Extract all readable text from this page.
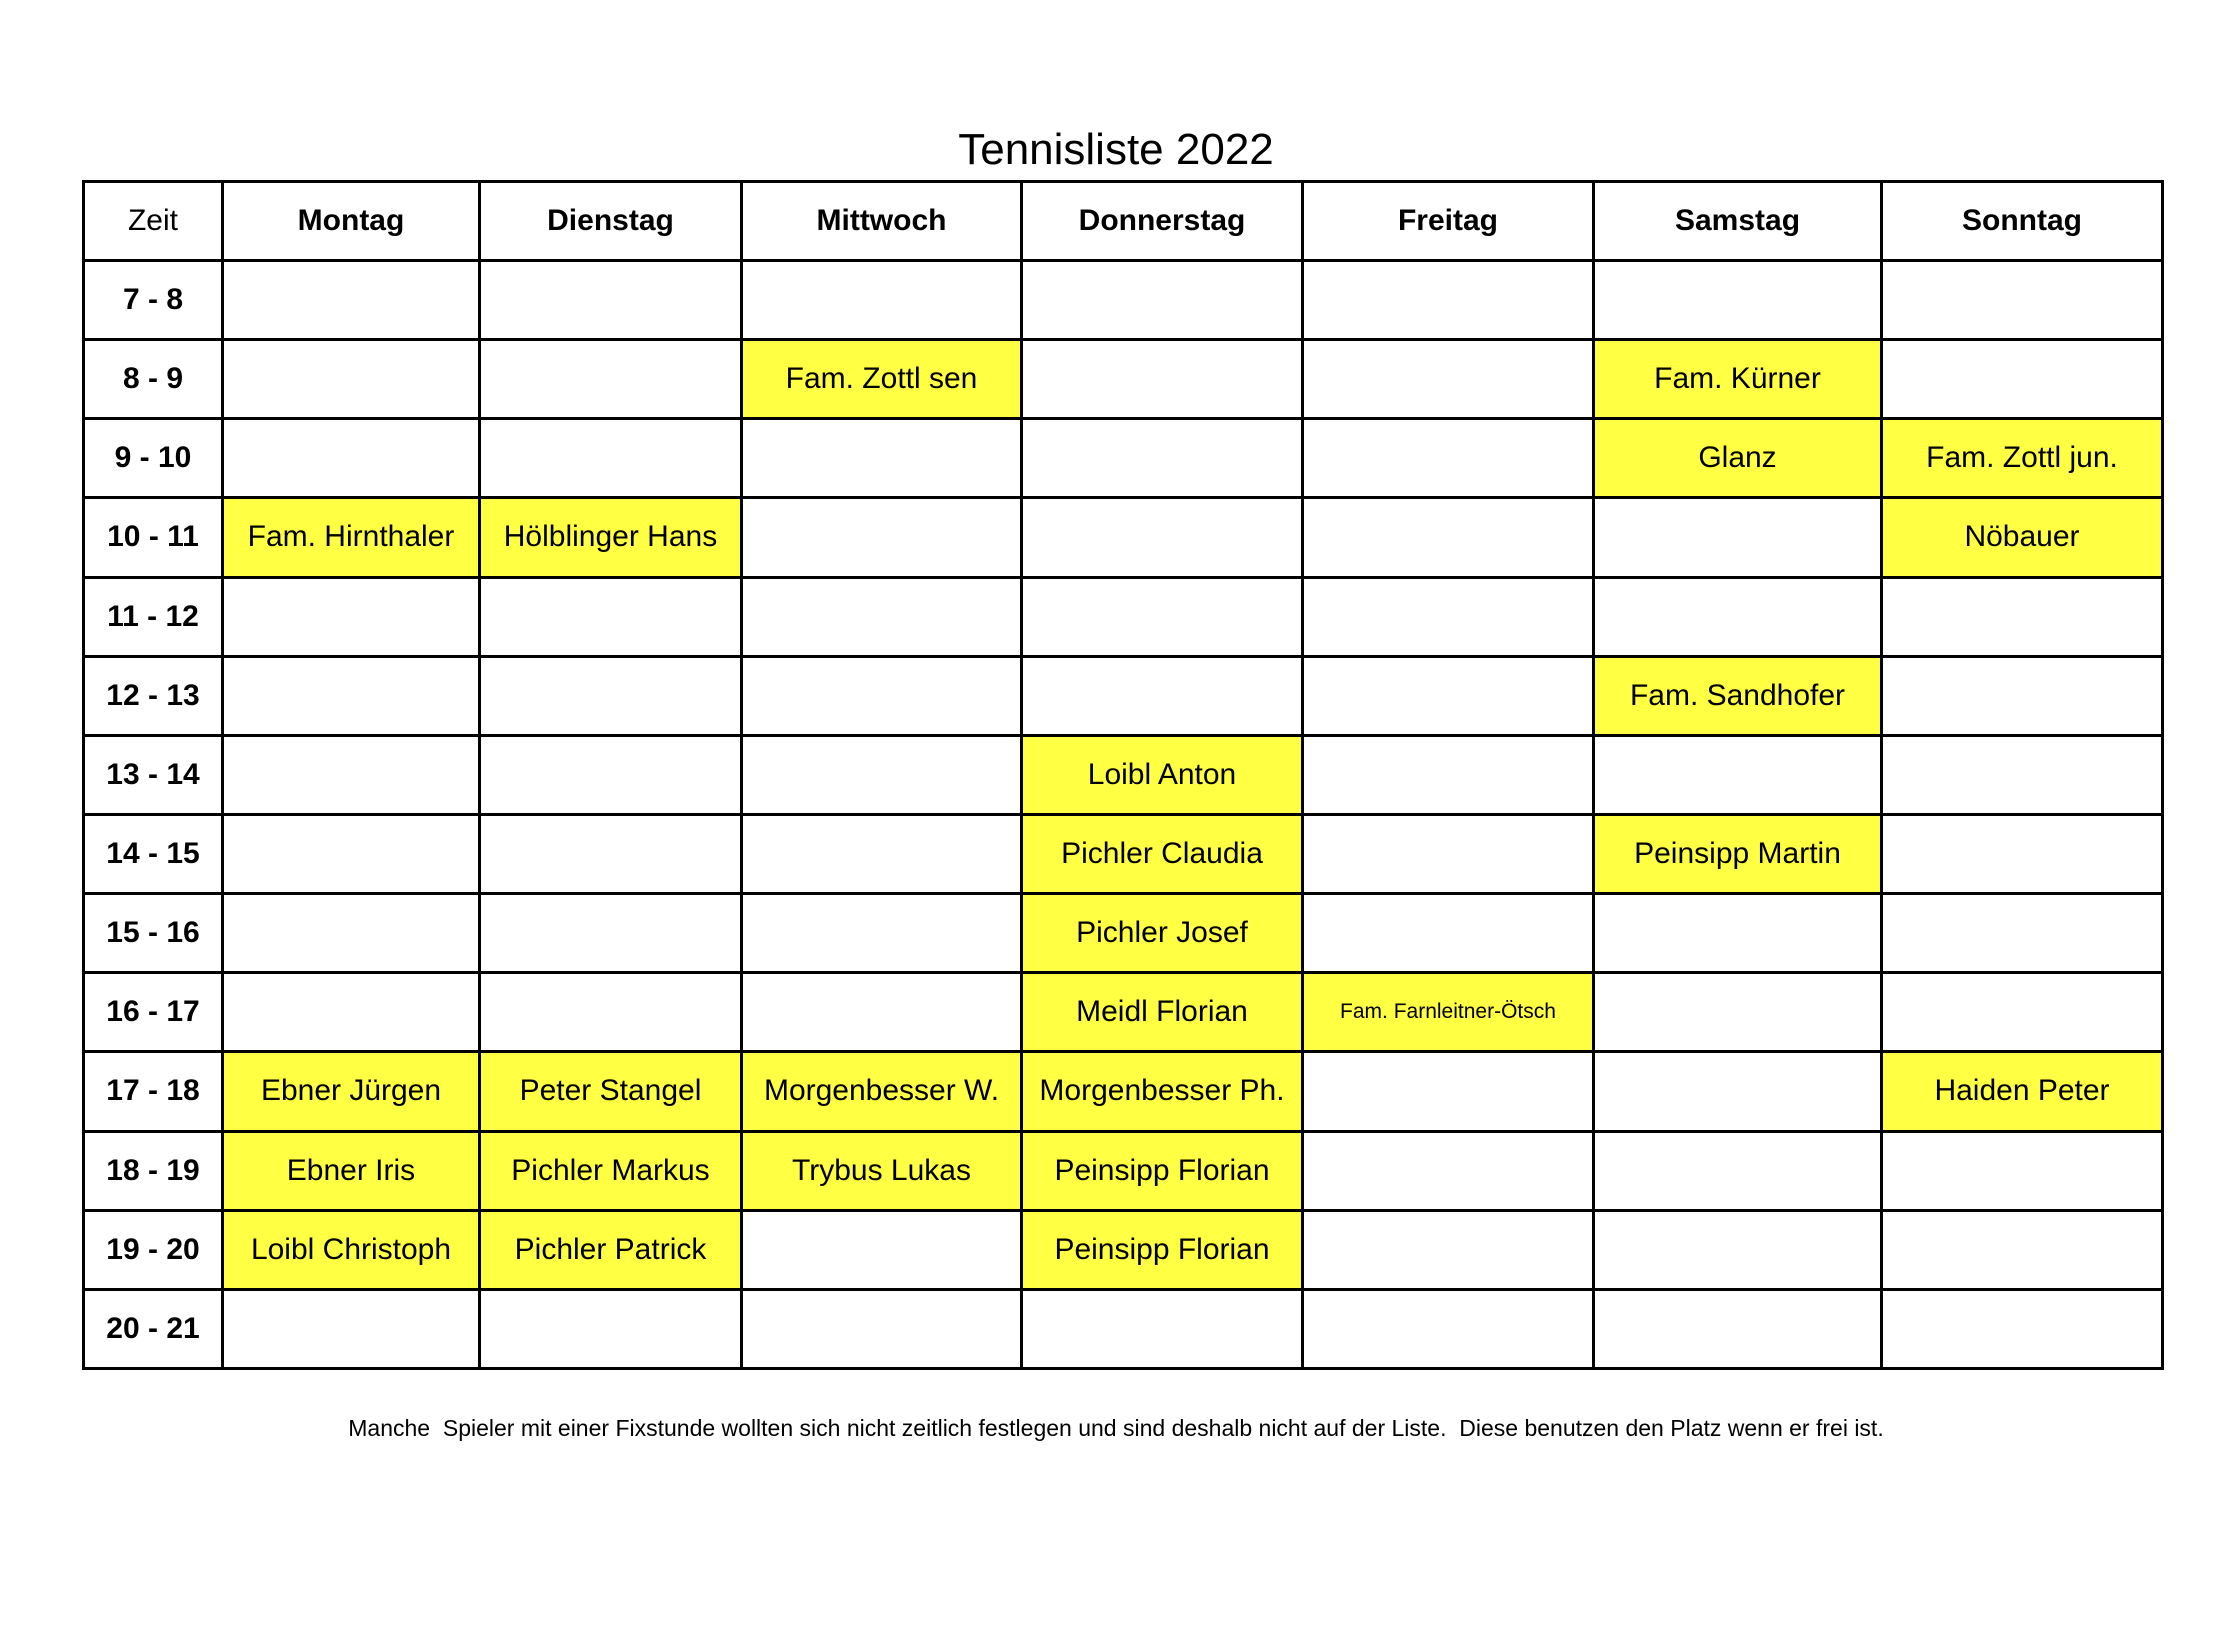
Tennisliste 2022
Zeit	Montag	Dienstag	Mittwoch	Donnerstag	Freitag	Samstag	Sonntag
7 - 8							
8 - 9			Fam. Zottl sen			Fam. Kürner	
9 - 10						Glanz	Fam. Zottl jun.
10 - 11	Fam. Hirnthaler	Hölblinger Hans					Nöbauer
11 - 12							
12 - 13						Fam. Sandhofer	
13 - 14				Loibl Anton			
14 - 15				Pichler Claudia		Peinsipp Martin	
15 - 16				Pichler Josef			
16 - 17				Meidl Florian	Fam. Farnleitner-Ötsch		
17 - 18	Ebner Jürgen	Peter Stangel	Morgenbesser W.	Morgenbesser Ph.			Haiden Peter
18 - 19	Ebner Iris	Pichler Markus	Trybus Lukas	Peinsipp Florian			
19 - 20	Loibl Christoph	Pichler Patrick		Peinsipp Florian			
20 - 21							
Manche  Spieler mit einer Fixstunde wollten sich nicht zeitlich festlegen und sind deshalb nicht auf der Liste.  Diese benutzen den Platz wenn er frei ist.
